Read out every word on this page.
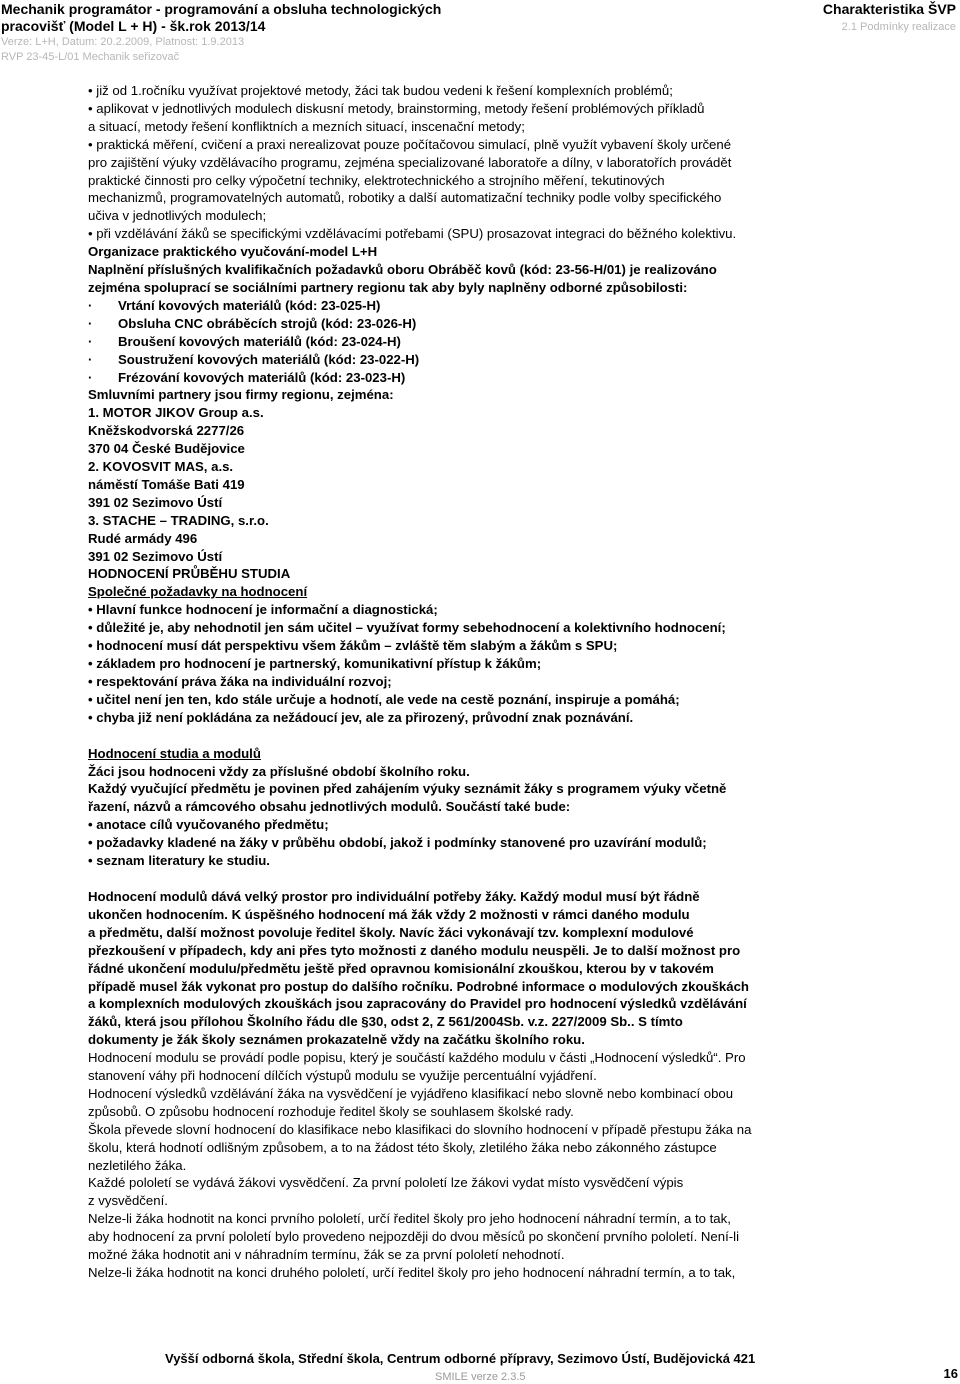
Mechanik programátor - programování a obsluha technologických
pracovišť (Model L + H) - šk.rok 2013/14
Verze: L+H, Datum: 20.2.2009, Platnost: 1.9.2013
RVP 23-45-L/01 Mechanik seřizovač
Charakteristika ŠVP
2.1 Podmínky realizace

• již od 1.ročníku využívat projektové metody, žáci tak budou vedeni k řešení komplexních problémů;

• aplikovat v jednotlivých modulech diskusní metody, brainstorming, metody řešení problémových příkladů

a situací, metody řešení konfliktních a mezních situací, inscenační metody;

• praktická měření, cvičení a praxi nerealizovat pouze počítačovou simulací, plně využít vybavení školy určené

pro zajištění výuky vzdělávacího programu, zejména specializované laboratoře a dílny, v laboratořích provádět

praktické činnosti pro celky výpočetní techniky, elektrotechnického a strojního měření, tekutinových

mechanizmů, programovatelných automatů, robotiky a další automatizační techniky podle volby specifického

učiva v jednotlivých modulech;

• při vzdělávání žáků se specifickými vzdělávacími potřebami (SPU) prosazovat integraci do běžného kolektivu.

Organizace praktického vyučování-model L+H

Naplnění příslušných kvalifikačních požadavků oboru Obráběč kovů (kód: 23-56-H/01) je realizováno

zejména spoluprací se sociálními partnery regionu tak aby byly naplněny odborné způsobilosti:

· Vrtání kovových materiálů (kód: 23-025-H)

· Obsluha CNC obráběcích strojů (kód: 23-026-H)

· Broušení kovových materiálů (kód: 23-024-H)

· Soustružení kovových materiálů (kód: 23-022-H)

· Frézování kovových materiálů (kód: 23-023-H)

Smluvními partnery jsou firmy regionu, zejména:

1. MOTOR JIKOV Group a.s.

Kněžskodvorská 2277/26

370 04 České Budějovice

2. KOVOSVIT MAS, a.s.

náměstí Tomáše Bati 419

391 02 Sezimovo Ústí

3. STACHE – TRADING, s.r.o.

Rudé armády 496

391 02 Sezimovo Ústí

HODNOCENÍ PRŮBĚHU STUDIA

Společné požadavky na hodnocení

• Hlavní funkce hodnocení je informační a diagnostická;

• důležité je, aby nehodnotil jen sám učitel – využívat formy sebehodnocení a kolektivního hodnocení;

• hodnocení musí dát perspektivu všem žákům – zvláště těm slabým a žákům s SPU;

• základem pro hodnocení je partnerský, komunikativní přístup k žákům;

• respektování práva žáka na individuální rozvoj;

• učitel není jen ten, kdo stále určuje a hodnotí, ale vede na cestě poznání, inspiruje a pomáhá;

• chyba již není pokládána za nežádoucí jev, ale za přirozený, průvodní znak poznávání.

Hodnocení studia a modulů

Žáci jsou hodnoceni vždy za příslušné období školního roku.

Každý vyučující předmětu je povinen před zahájením výuky seznámit žáky s programem výuky včetně

řazení, názvů a rámcového obsahu jednotlivých modulů. Součástí také bude:

• anotace cílů vyučovaného předmětu;

• požadavky kladené na žáky v průběhu období, jakož i podmínky stanovené pro uzavírání modulů;

• seznam literatury ke studiu.

Hodnocení modulů dává velký prostor pro individuální potřeby žáky. Každý modul musí být řádně

ukončen hodnocením. K úspěšného hodnocení má žák vždy 2 možnosti v rámci daného modulu

a předmětu, další možnost povoluje ředitel školy. Navíc žáci vykonávají tzv. komplexní modulové

přezkoušení v případech, kdy ani přes tyto možnosti z daného modulu neuspěli. Je to další možnost pro

řádné ukončení modulu/předmětu ještě před opravnou komisionální zkouškou, kterou by v takovém

případě musel žák vykonat pro postup do dalšího ročníku. Podrobné informace o modulových zkouškách

a komplexních modulových zkouškách jsou zapracovány do Pravidel pro hodnocení výsledků vzdělávání

žáků, která jsou přílohou Školního řádu dle §30, odst 2, Z 561/2004Sb. v.z. 227/2009 Sb.. S tímto

dokumenty je žák školy seznámen prokazatelně vždy na začátku školního roku.

Hodnocení modulu se provádí podle popisu, který je součástí každého modulu v části „Hodnocení výsledků“. Pro

stanovení váhy při hodnocení dílčích výstupů modulu se využije percentuální vyjádření.

Hodnocení výsledků vzdělávání žáka na vysvědčení je vyjádřeno klasifikací nebo slovně nebo kombinací obou

způsobů. O způsobu hodnocení rozhoduje ředitel školy se souhlasem školské rady.

Škola převede slovní hodnocení do klasifikace nebo klasifikaci do slovního hodnocení v případě přestupu žáka na

školu, která hodnotí odlišným způsobem, a to na žádost této školy, zletilého žáka nebo zákonného zástupce

nezletilého žáka.

Každé pololetí se vydává žákovi vysvědčení. Za první pololetí lze žákovi vydat místo vysvědčení výpis

z vysvědčení.

Nelze-li žáka hodnotit na konci prvního pololetí, určí ředitel školy pro jeho hodnocení náhradní termín, a to tak,

aby hodnocení za první pololetí bylo provedeno nejpozději do dvou měsíců po skončení prvního pololetí. Není-li

možné žáka hodnotit ani v náhradním termínu, žák se za první pololetí nehodnotí.

Nelze-li žáka hodnotit na konci druhého pololetí, určí ředitel školy pro jeho hodnocení náhradní termín, a to tak,

Vyšší odborná škola, Střední škola, Centrum odborné přípravy, Sezimovo Ústí, Budějovická 421
SMILE verze 2.3.5	16
